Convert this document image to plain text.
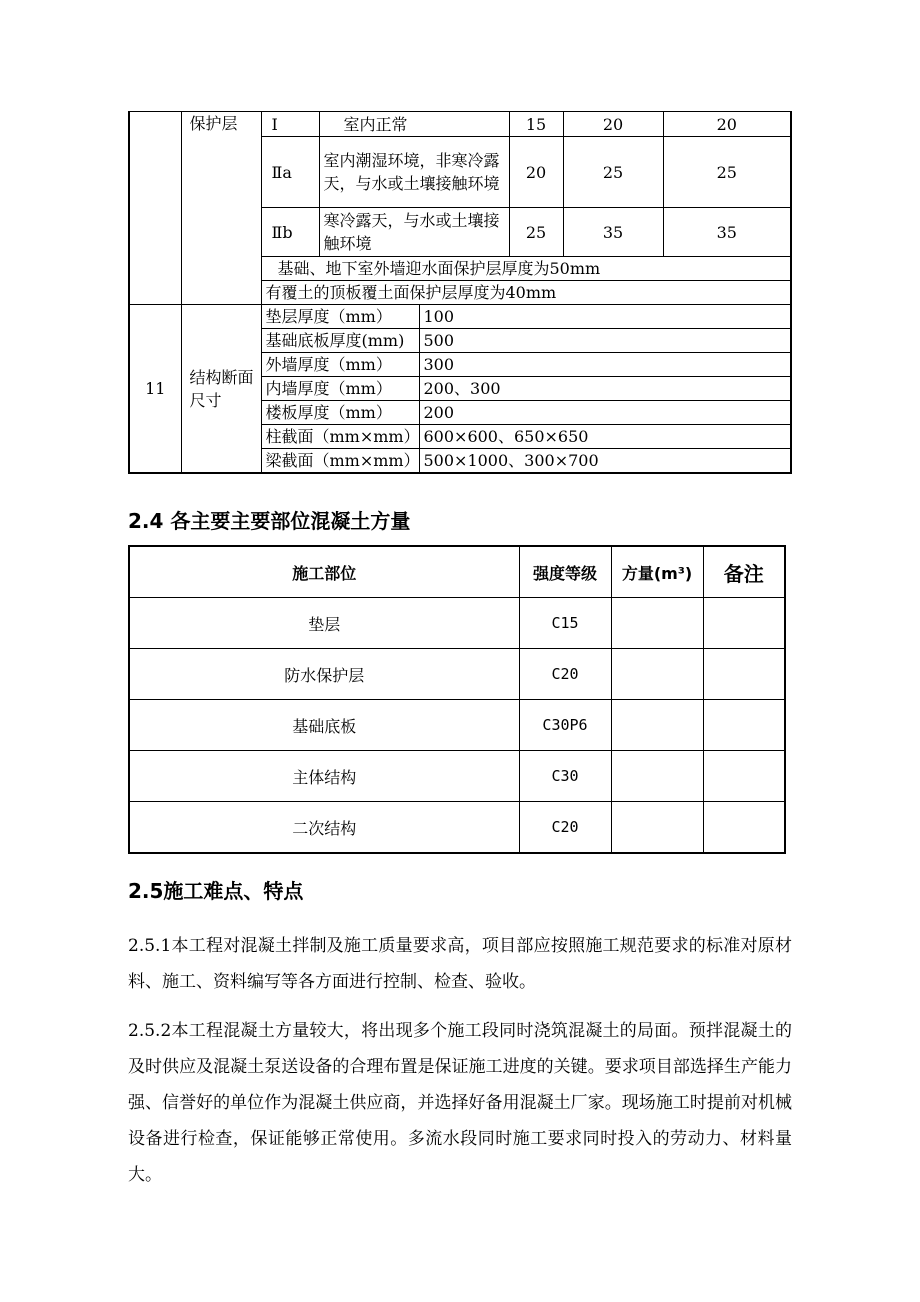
	保护层	Ⅰ	室内正常		15	20	20
		Ⅱa	室内潮湿环境，非寒冷露天，与水或土壤接触环境		20	25	25
		Ⅱb	寒冷露天，与水或土壤接触环境		25	35	35
		基础、地下室外墙迎水面保护层厚度为50mm					
		有覆土的顶板覆土面保护层厚度为40mm					
11	结构断面尺寸	垫层厚度（mm）		100			
		基础底板厚度(mm)		500			
		外墙厚度（mm）		300			
		内墙厚度（mm）		200、300			
		楼板厚度（mm）		200			
		柱截面（mm×mm）		600×600、650×650			
		梁截面（mm×mm）		500×1000、300×700			
2.4 各主要主要部位混凝土方量
施工部位	强度等级	方量(m³)	备注
垫层	C15		
防水保护层	C20		
基础底板	C30P6		
主体结构	C30		
二次结构	C20		
2.5施工难点、特点

2.5.1本工程对混凝土拌制及施工质量要求高，项目部应按照施工规范要求的标准对原材料、施工、资料编写等各方面进行控制、检查、验收。

2.5.2本工程混凝土方量较大，将出现多个施工段同时浇筑混凝土的局面。预拌混凝土的及时供应及混凝土泵送设备的合理布置是保证施工进度的关键。要求项目部选择生产能力强、信誉好的单位作为混凝土供应商，并选择好备用混凝土厂家。现场施工时提前对机械设备进行检查，保证能够正常使用。多流水段同时施工要求同时投入的劳动力、材料量大。
